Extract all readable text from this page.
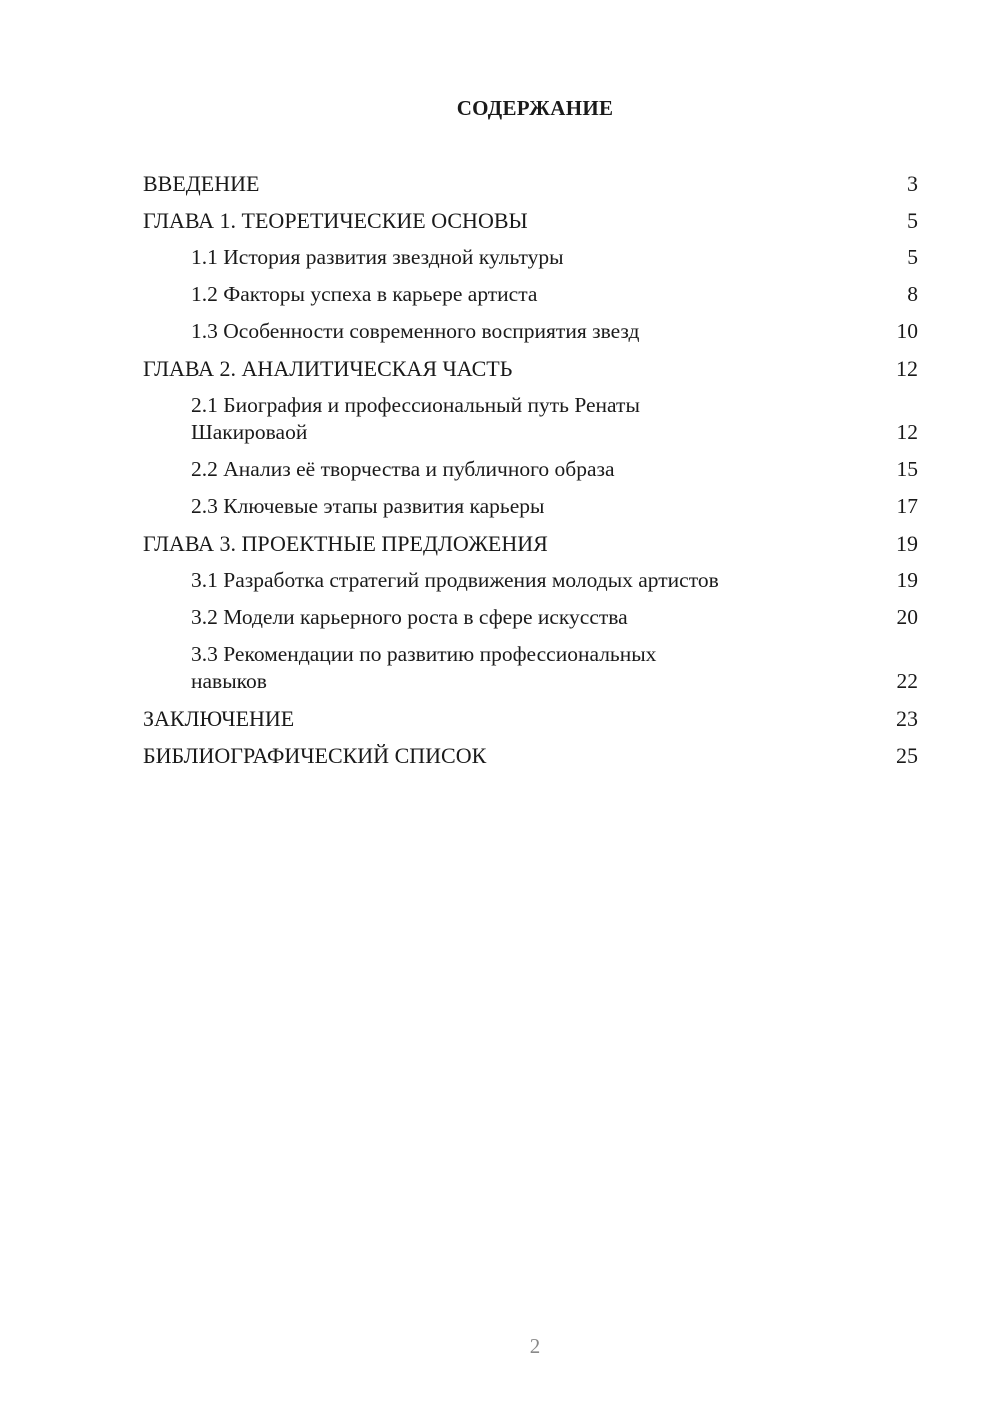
СОДЕРЖАНИЕ
ВВЕДЕНИЕ	3
ГЛАВА 1. ТЕОРЕТИЧЕСКИЕ ОСНОВЫ	5
1.1 История развития звездной культуры	5
1.2 Факторы успеха в карьере артиста	8
1.3 Особенности современного восприятия звезд	10
ГЛАВА 2. АНАЛИТИЧЕСКАЯ ЧАСТЬ	12
2.1 Биография и профессиональный путь Ренаты Шакироваой	12
2.2 Анализ её творчества и публичного образа	15
2.3 Ключевые этапы развития карьеры	17
ГЛАВА 3. ПРОЕКТНЫЕ ПРЕДЛОЖЕНИЯ	19
3.1 Разработка стратегий продвижения молодых артистов	19
3.2 Модели карьерного роста в сфере искусства	20
3.3 Рекомендации по развитию профессиональных навыков	22
ЗАКЛЮЧЕНИЕ	23
БИБЛИОГРАФИЧЕСКИЙ СПИСОК	25
2
